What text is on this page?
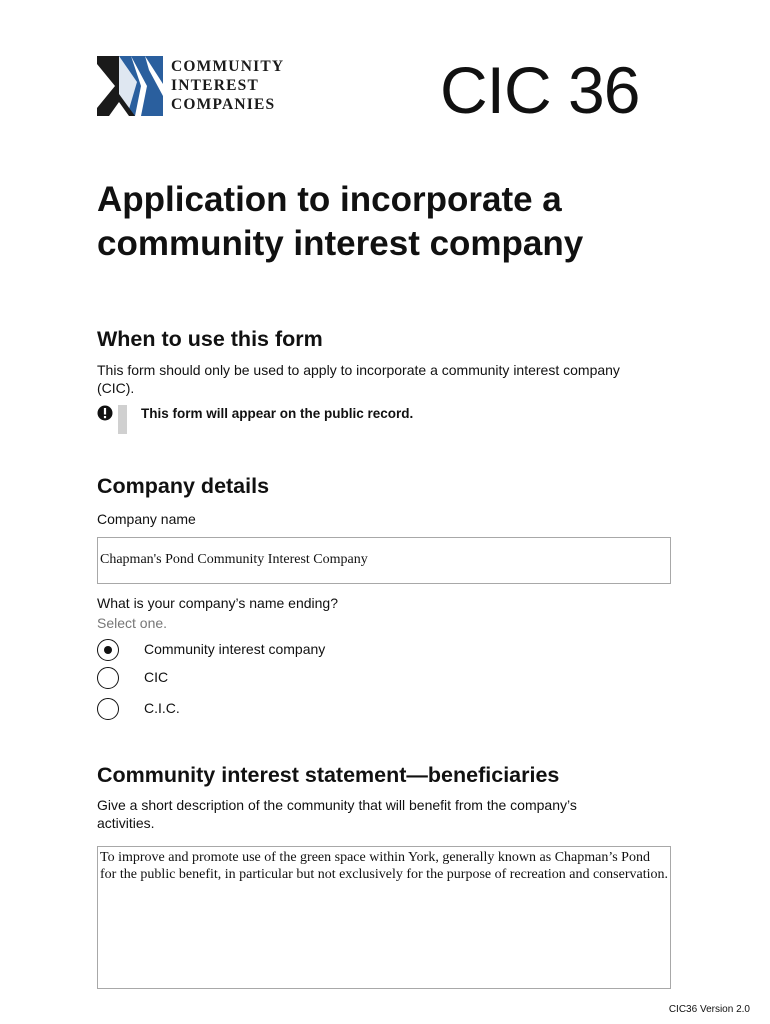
COMMUNITY
INTEREST
COMPANIES CIC 36
Application to incorporate a community interest company
When to use this form
This form should only be used to apply to incorporate a community interest company (CIC).
This form will appear on the public record.
Company details
Company name
Chapman's Pond Community Interest Company
What is your company’s name ending?
Select one.
Community interest company
CIC
C.I.C.
Community interest statement—beneficiaries
Give a short description of the community that will benefit from the company’s activities.
To improve and promote use of the green space within York, generally known as Chapman’s Pond for the public benefit, in particular but not exclusively for the purpose of recreation and conservation.
CIC36 Version 2.0
